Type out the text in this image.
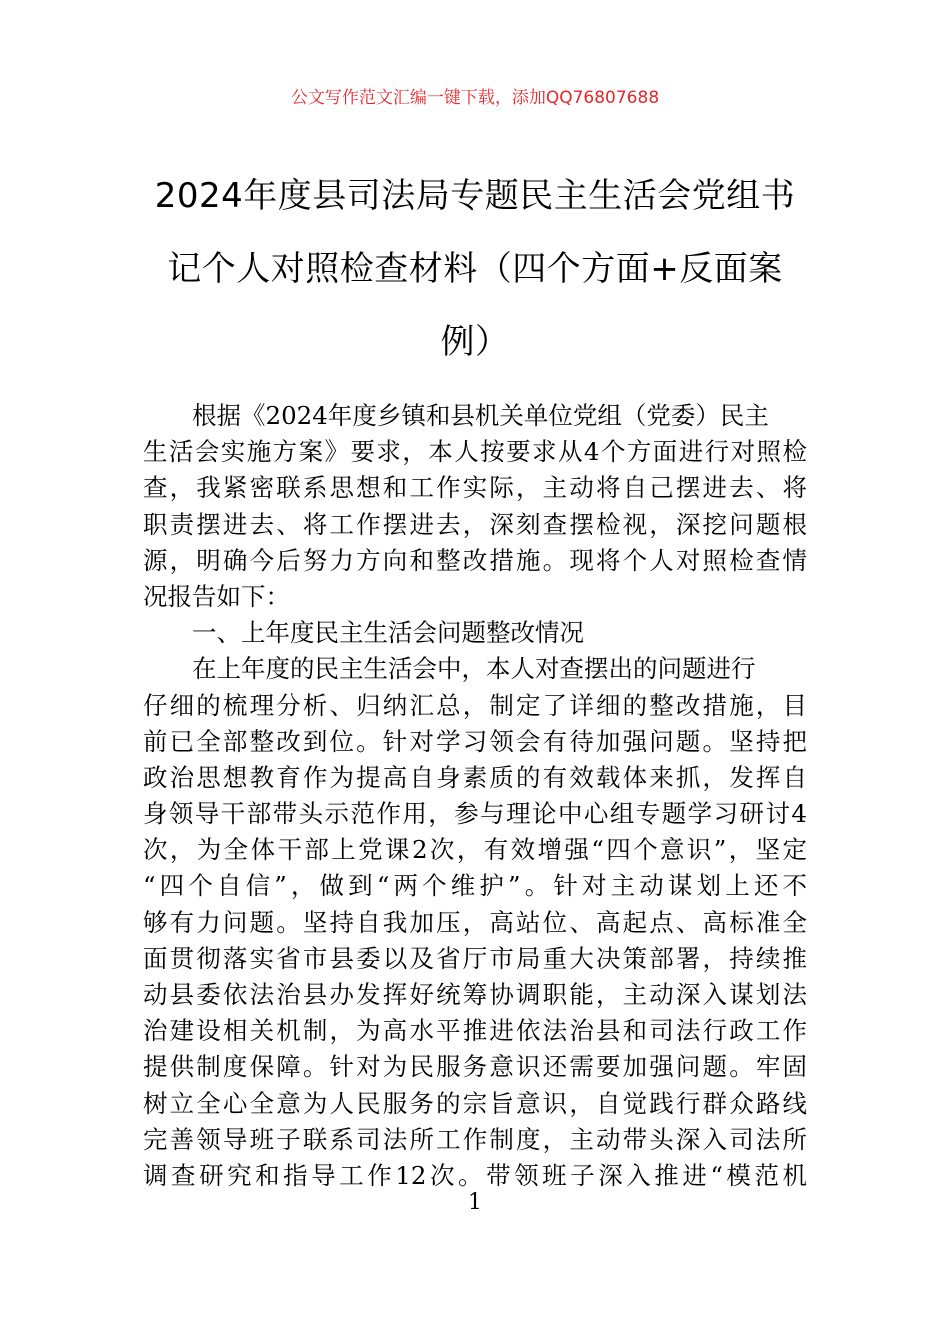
公文写作范文汇编一键下载，添加QQ76807688
2024年度县司法局专题民主生活会党组书
记个人对照检查材料（四个方面+反面案
例）
根据《2024年度乡镇和县机关单位党组（党委）民主
生活会实施方案》要求，本人按要求从4个方面进行对照检
查，我紧密联系思想和工作实际，主动将自己摆进去、将
职责摆进去、将工作摆进去，深刻查摆检视，深挖问题根
源，明确今后努力方向和整改措施。现将个人对照检查情
况报告如下：
一、上年度民主生活会问题整改情况
在上年度的民主生活会中，本人对查摆出的问题进行
仔细的梳理分析、归纳汇总，制定了详细的整改措施，目
前已全部整改到位。针对学习领会有待加强问题。坚持把
政治思想教育作为提高自身素质的有效载体来抓，发挥自
身领导干部带头示范作用，参与理论中心组专题学习研讨4
次，为全体干部上党课2次，有效增强“四个意识”，坚定
“四个自信”，做到“两个维护”。针对主动谋划上还不
够有力问题。坚持自我加压，高站位、高起点、高标准全
面贯彻落实省市县委以及省厅市局重大决策部署，持续推
动县委依法治县办发挥好统筹协调职能，主动深入谋划法
治建设相关机制，为高水平推进依法治县和司法行政工作
提供制度保障。针对为民服务意识还需要加强问题。牢固
树立全心全意为人民服务的宗旨意识，自觉践行群众路线
完善领导班子联系司法所工作制度，主动带头深入司法所
调查研究和指导工作12次。带领班子深入推进“模范机
1
